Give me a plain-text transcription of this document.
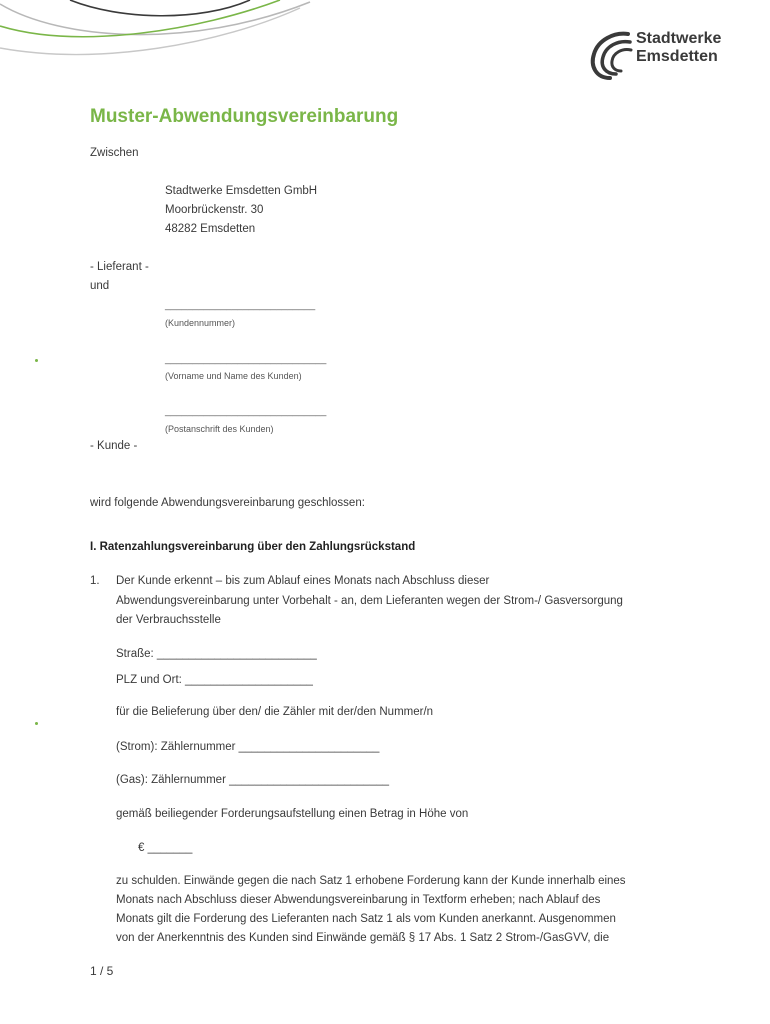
Stadtwerke
Emsdetten
Muster-Abwendungsvereinbarung
Zwischen
Stadtwerke Emsdetten GmbH
Moorbrückenstr. 30
48282 Emsdetten
- Lieferant -
und
___________________________
(Kundennummer)
_____________________________
(Vorname und Name des Kunden)
_____________________________
(Postanschrift des Kunden)
- Kunde -
wird folgende Abwendungsvereinbarung geschlossen:
I. Ratenzahlungsvereinbarung über den Zahlungsrückstand
1. Der Kunde erkennt – bis zum Ablauf eines Monats nach Abschluss dieser
Abwendungsvereinbarung unter Vorbehalt - an, dem Lieferanten wegen der Strom-/ Gasversorgung
der Verbrauchsstelle
Straße: _________________________
PLZ und Ort: ____________________
für die Belieferung über den/ die Zähler mit der/den Nummer/n
(Strom): Zählernummer ______________________
(Gas): Zählernummer _________________________
gemäß beiliegender Forderungsaufstellung einen Betrag in Höhe von
€ _______
zu schulden. Einwände gegen die nach Satz 1 erhobene Forderung kann der Kunde innerhalb eines
Monats nach Abschluss dieser Abwendungsvereinbarung in Textform erheben; nach Ablauf des
Monats gilt die Forderung des Lieferanten nach Satz 1 als vom Kunden anerkannt. Ausgenommen
von der Anerkenntnis des Kunden sind Einwände gemäß § 17 Abs. 1 Satz 2 Strom-/GasGVV, die
1 / 5
